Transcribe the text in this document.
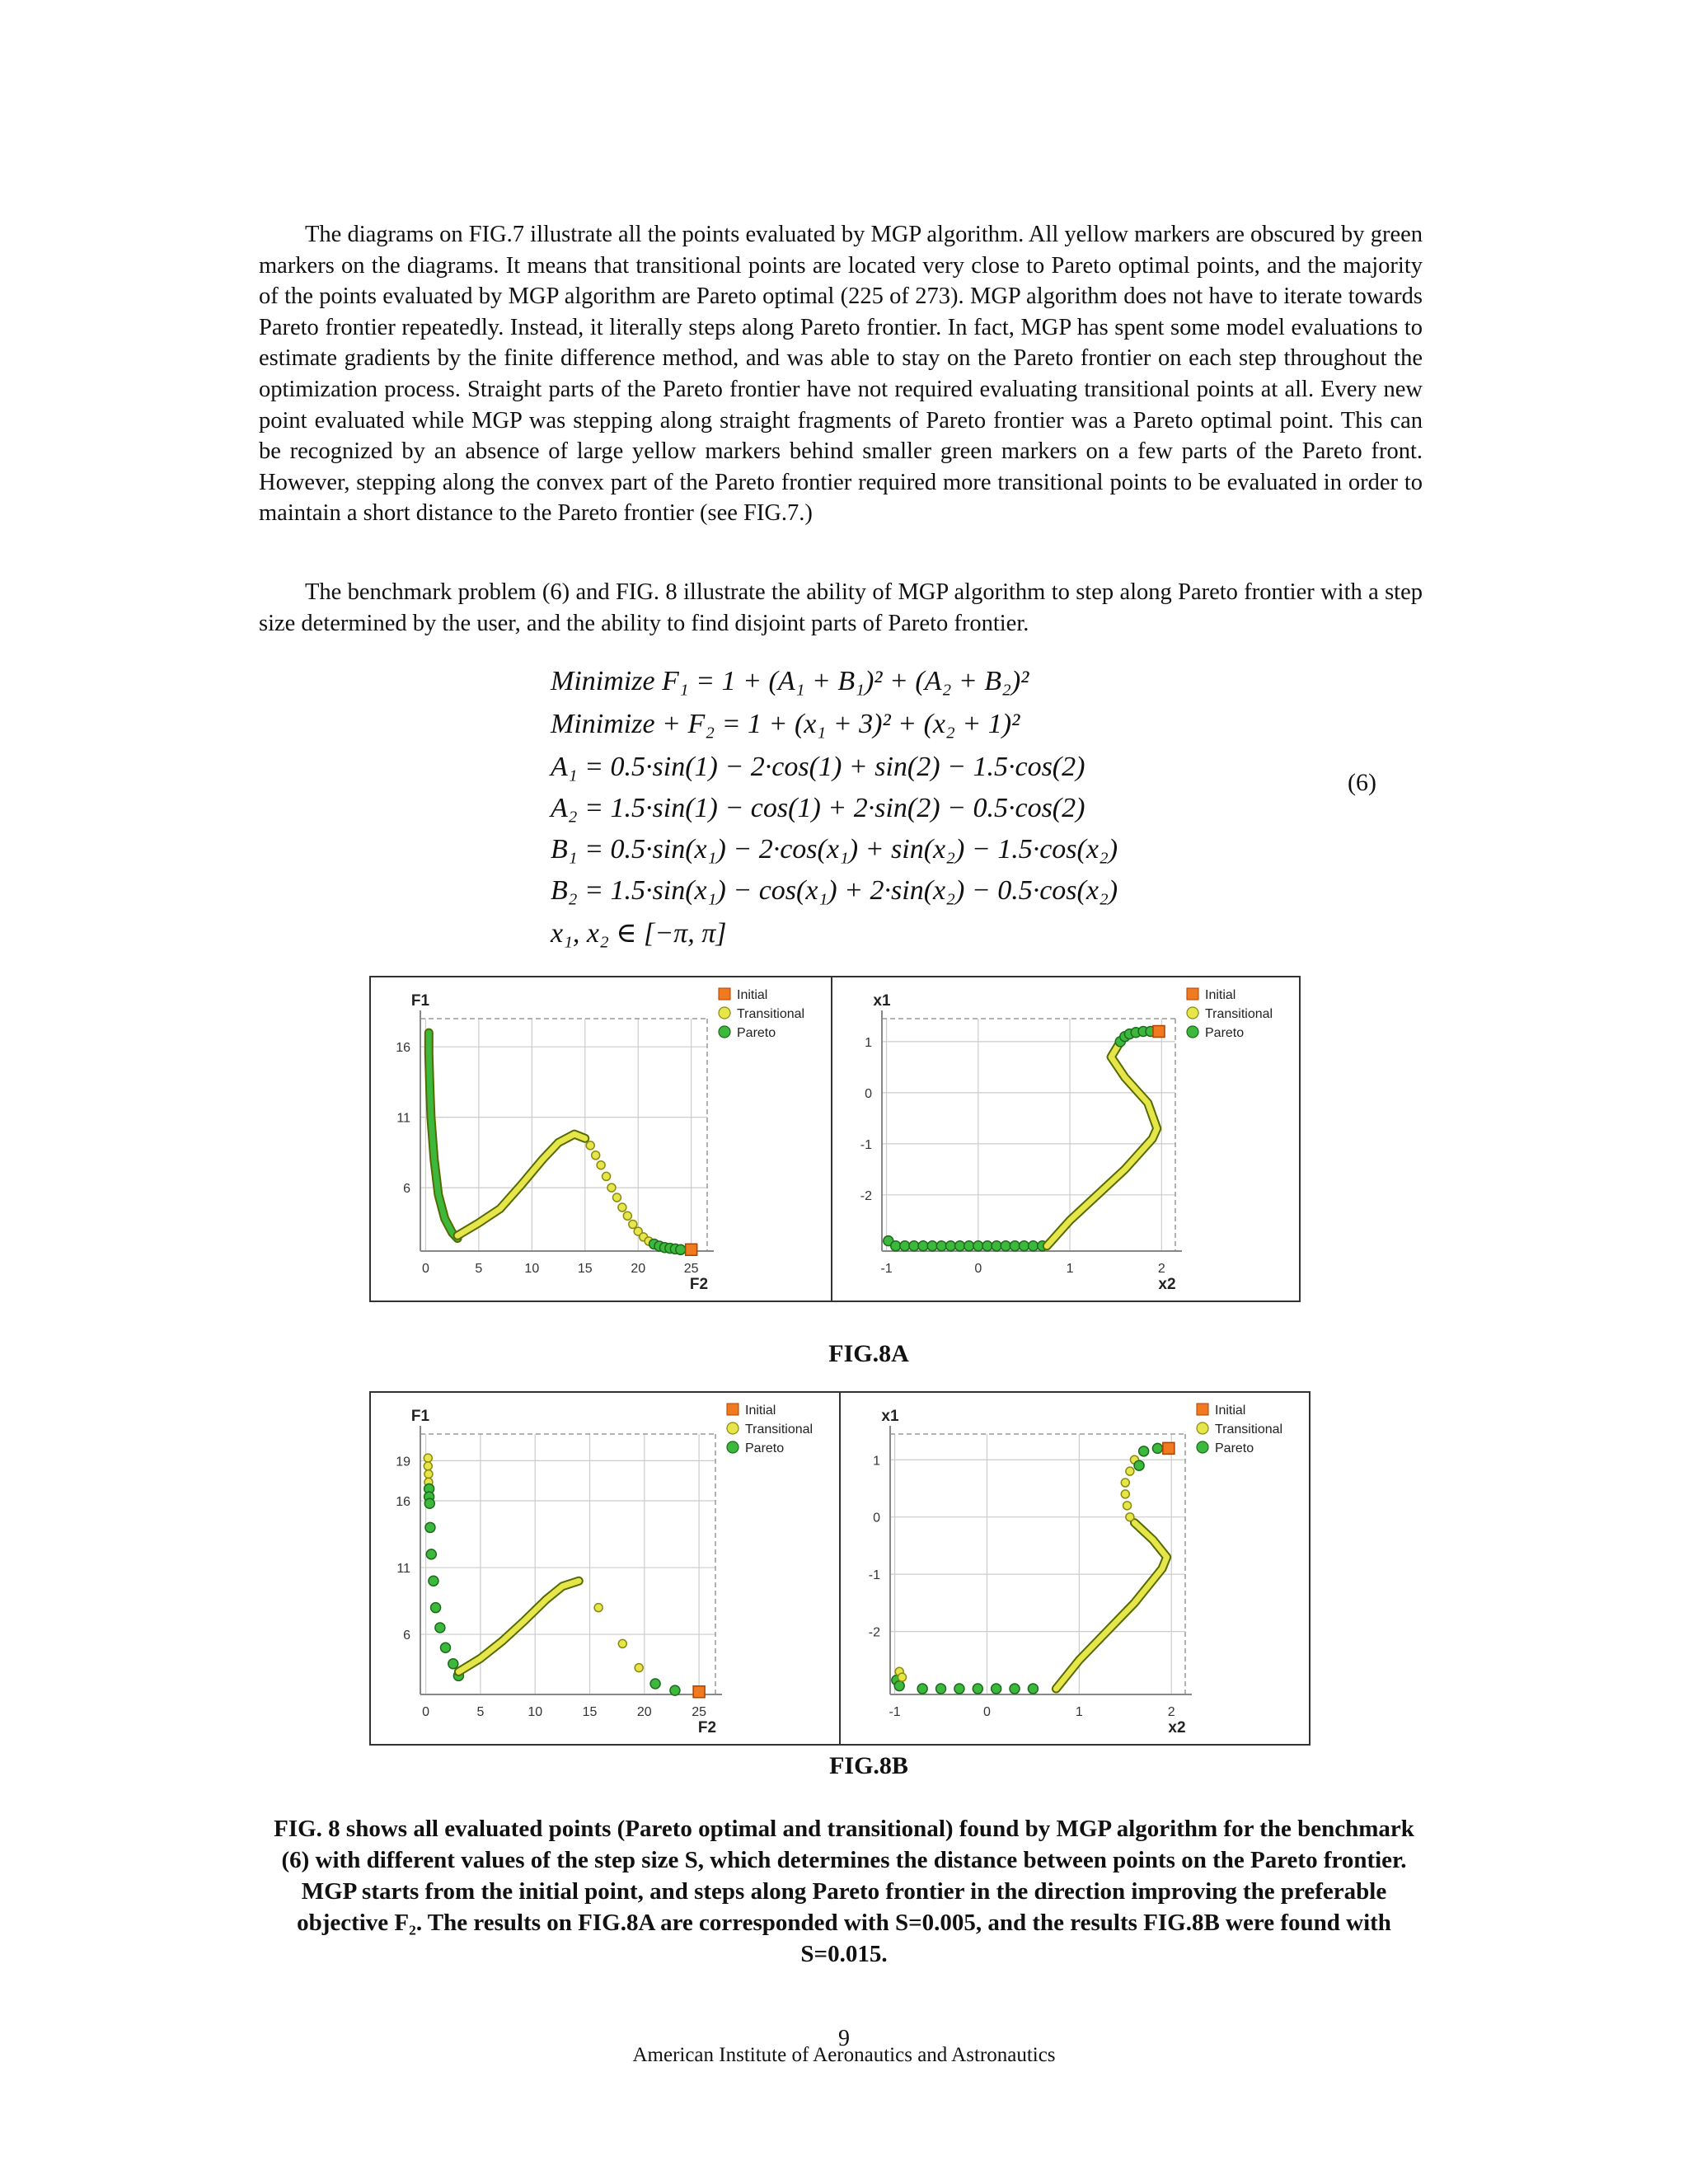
The diagrams on FIG.7 illustrate all the points evaluated by MGP algorithm. All yellow markers are obscured by green markers on the diagrams. It means that transitional points are located very close to Pareto optimal points, and the majority of the points evaluated by MGP algorithm are Pareto optimal (225 of 273). MGP algorithm does not have to iterate towards Pareto frontier repeatedly. Instead, it literally steps along Pareto frontier. In fact, MGP has spent some model evaluations to estimate gradients by the finite difference method, and was able to stay on the Pareto frontier on each step throughout the optimization process. Straight parts of the Pareto frontier have not required evaluating transitional points at all. Every new point evaluated while MGP was stepping along straight fragments of Pareto frontier was a Pareto optimal point. This can be recognized by an absence of large yellow markers behind smaller green markers on a few parts of the Pareto front. However, stepping along the convex part of the Pareto frontier required more transitional points to be evaluated in order to maintain a short distance to the Pareto frontier (see FIG.7.)

The benchmark problem (6) and FIG. 8 illustrate the ability of MGP algorithm to step along Pareto frontier with a step size determined by the user, and the ability to find disjoint parts of Pareto frontier.

Minimize F₁ = 1 + (A₁ + B₁)² + (A₂ + B₂)²
Minimize + F₂ = 1 + (x₁ + 3)² + (x₂ + 1)²
A₁ = 0.5·sin(1) − 2·cos(1) + sin(2) − 1.5·cos(2)
A₂ = 1.5·sin(1) − cos(1) + 2·sin(2) − 0.5·cos(2)
B₁ = 0.5·sin(x₁) − 2·cos(x₁) + sin(x₂) − 1.5·cos(x₂)
B₂ = 1.5·sin(x₁) − cos(x₁) + 2·sin(x₂) − 0.5·cos(x₂)
x₁, x₂ ∈ [−π, π]
(6)
0	5	10	15	20	25
6
11
16
F1
F2
Initial
Transitional
Pareto
-1	0	1	2
1
0
-1
-2
x1
x2
Initial
Transitional
Pareto
FIG.8A
0	5	10	15	20	25
6
11
16
19
F1
F2
Initial
Transitional
Pareto
-1	0	1	2
1
0
-1
-2
x1
x2
Initial
Transitional
Pareto
FIG.8B

FIG. 8 shows all evaluated points (Pareto optimal and transitional) found by MGP algorithm for the benchmark (6) with different values of the step size S, which determines the distance between points on the Pareto frontier. MGP starts from the initial point, and steps along Pareto frontier in the direction improving the preferable objective F₂. The results on FIG.8A are corresponded with S=0.005, and the results FIG.8B were found with S=0.015.

9
American Institute of Aeronautics and Astronautics
